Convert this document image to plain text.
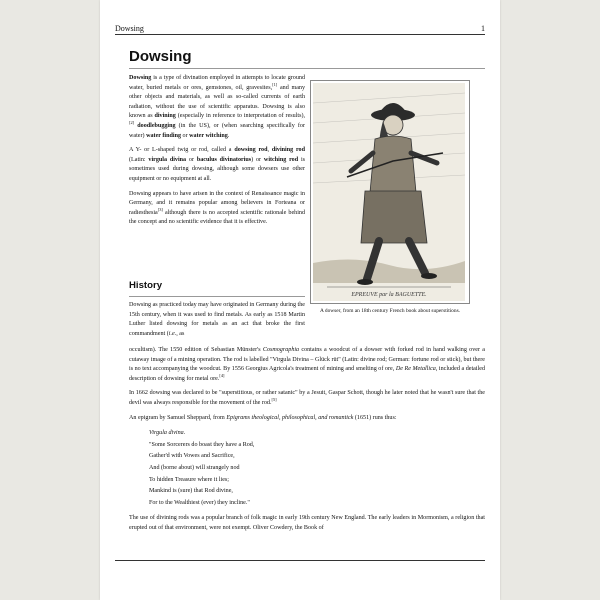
Dowsing	1
Dowsing

Dowsing is a type of divination employed in attempts to locate ground water, buried metals or ores, gemstones, oil, gravesites,[1] and many other objects and materials, as well as so-called currents of earth radiation, without the use of scientific apparatus. Dowsing is also known as divining (especially in reference to interpretation of results),[2] doodlebugging (in the US), or (when searching specifically for water) water finding or water witching.

A Y- or L-shaped twig or rod, called a dowsing rod, divining rod (Latin: virgula divina or baculus divinatorius) or witching rod is sometimes used during dowsing, although some dowsers use other equipment or no equipment at all.

Dowsing appears to have arisen in the context of Renaissance magic in Germany, and it remains popular among believers in Forteana or radiesthesia[3] although there is no accepted scientific rationale behind the concept and no scientific evidence that it is effective.

EPREUVE par la BAGUETTE.
A dowser, from an 18th century French book about superstitions.
History

Dowsing as practiced today may have originated in Germany during the 15th century, when it was used to find metals. As early as 1518 Martin Luther listed dowsing for metals as an act that broke the first commandment (i.e., as

occultism). The 1550 edition of Sebastian Münster's Cosmographia contains a woodcut of a dowser with forked rod in hand walking over a cutaway image of a mining operation. The rod is labelled "Virgula Divina – Glück rüt" (Latin: divine rod; German: fortune rod or stick), but there is no text accompanying the woodcut. By 1556 Georgius Agricola's treatment of mining and smelting of ore, De Re Metallica, included a detailed description of dowsing for metal ore.[4]

In 1662 dowsing was declared to be "superstitious, or rather satanic" by a Jesuit, Gaspar Schott, though he later noted that he wasn't sure that the devil was always responsible for the movement of the rod.[5]

An epigram by Samuel Sheppard, from Epigrams theological, philosophical, and romantick (1651) runs thus:

Virgula divina.
"Some Sorcerers do boast they have a Rod,
Gather'd with Vowes and Sacrifice,
And (borne about) will strangely nod
To hidden Treasure where it lies;
Mankind is (sure) that Rod divine,
For to the Wealthiest (ever) they incline."

The use of divining rods was a popular branch of folk magic in early 19th century New England. The early leaders in Mormonism, a religion that erupted out of that environment, were not exempt. Oliver Cowdery, the Book of
